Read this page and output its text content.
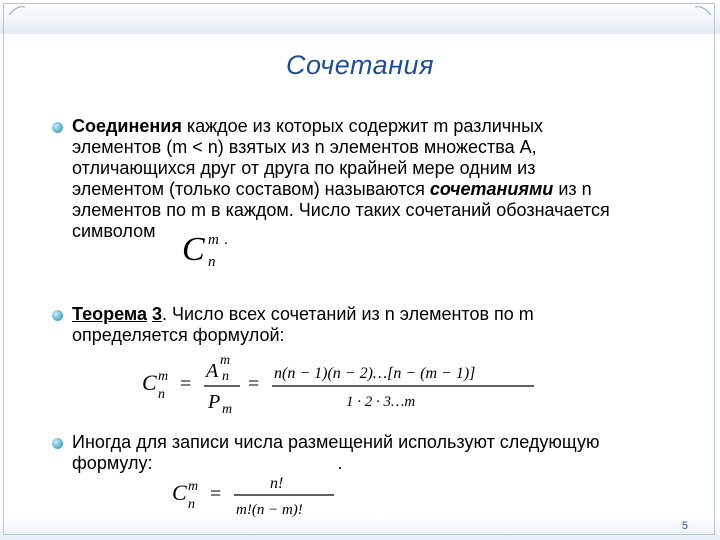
Сочетания
Соединения каждое из которых содержит m различных
элементов (m < n) взятых из n элементов множества A,
отличающихся друг от друга по крайней мере одним из
элементом (только составом) называются сочетаниями из n
элементов по m в каждом. Число таких сочетаний обозначается
символом C m
n
.
Теорема 3. Число всех сочетаний из n элементов по m
определяется формулой:
C m
n =
A m
n
P m
= n(n − 1)(n − 2)…[n − (m − 1)]
1 · 2 · 3…m
Иногда для записи числа размещений используют следующую
формулу:	.
C m
n =	n!
m!(n − m)!
5
